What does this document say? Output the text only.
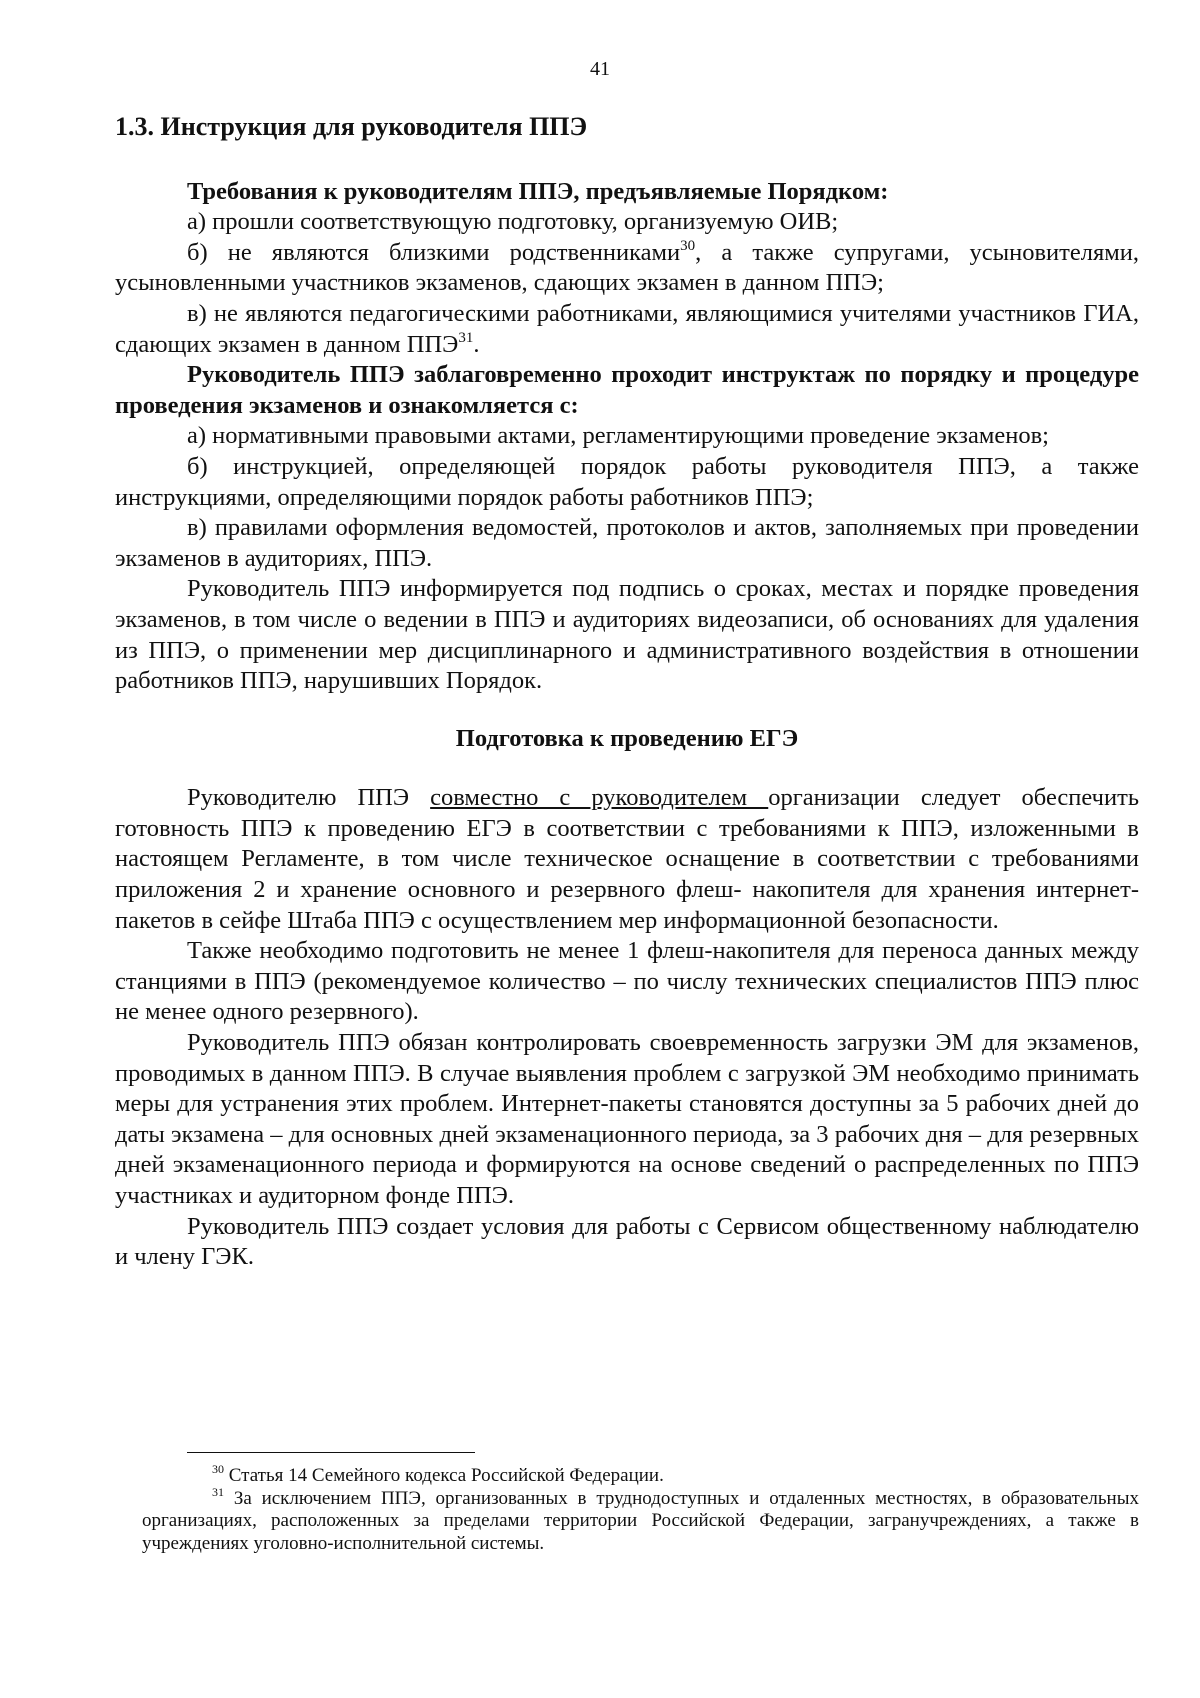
41

1.3. Инструкция для руководителя ППЭ

Требования к руководителям ППЭ, предъявляемые Порядком:

а) прошли соответствующую подготовку, организуемую ОИВ;

б) не являются близкими родственниками$^{30}$, а также супругами, усыновителями, усыновленными участников экзаменов, сдающих экзамен в данном ППЭ;

в) не являются педагогическими работниками, являющимися учителями участников ГИА, сдающих экзамен в данном ППЭ$^{31}$.

Руководитель ППЭ заблаговременно проходит инструктаж по порядку и процедуре проведения экзаменов и ознакомляется с:

а) нормативными правовыми актами, регламентирующими проведение экзаменов;

б) инструкцией, определяющей порядок работы руководителя ППЭ, а также инструкциями, определяющими порядок работы работников ППЭ;

в) правилами оформления ведомостей, протоколов и актов, заполняемых при проведении экзаменов в аудиториях, ППЭ.

Руководитель ППЭ информируется под подпись о сроках, местах и порядке проведения экзаменов, в том числе о ведении в ППЭ и аудиториях видеозаписи, об основаниях для удаления из ППЭ, о применении мер дисциплинарного и административного воздействия в отношении работников ППЭ, нарушивших Порядок.

Подготовка к проведению ЕГЭ

Руководителю ППЭ совместно с руководителем организации следует обеспечить готовность ППЭ к проведению ЕГЭ в соответствии с требованиями к ППЭ, изложенными в настоящем Регламенте, в том числе техническое оснащение в соответствии с требованиями приложения 2 и хранение основного и резервного флеш- накопителя для хранения интернет-пакетов в сейфе Штаба ППЭ с осуществлением мер информационной безопасности.

Также необходимо подготовить не менее 1 флеш-накопителя для переноса данных между станциями в ППЭ (рекомендуемое количество – по числу технических специалистов ППЭ плюс не менее одного резервного).

Руководитель ППЭ обязан контролировать своевременность загрузки ЭМ для экзаменов, проводимых в данном ППЭ. В случае выявления проблем с загрузкой ЭМ необходимо принимать меры для устранения этих проблем. Интернет-пакеты становятся доступны за 5 рабочих дней до даты экзамена – для основных дней экзаменационного периода, за 3 рабочих дня – для резервных дней экзаменационного периода и формируются на основе сведений о распределенных по ППЭ участниках и аудиторном фонде ППЭ.

Руководитель ППЭ создает условия для работы с Сервисом общественному наблюдателю и члену ГЭК.

$^{30}$ Статья 14 Семейного кодекса Российской Федерации.

$^{31}$ За исключением ППЭ, организованных в труднодоступных и отдаленных местностях, в образовательных организациях, расположенных за пределами территории Российской Федерации, загранучреждениях, а также в учреждениях уголовно-исполнительной системы.
